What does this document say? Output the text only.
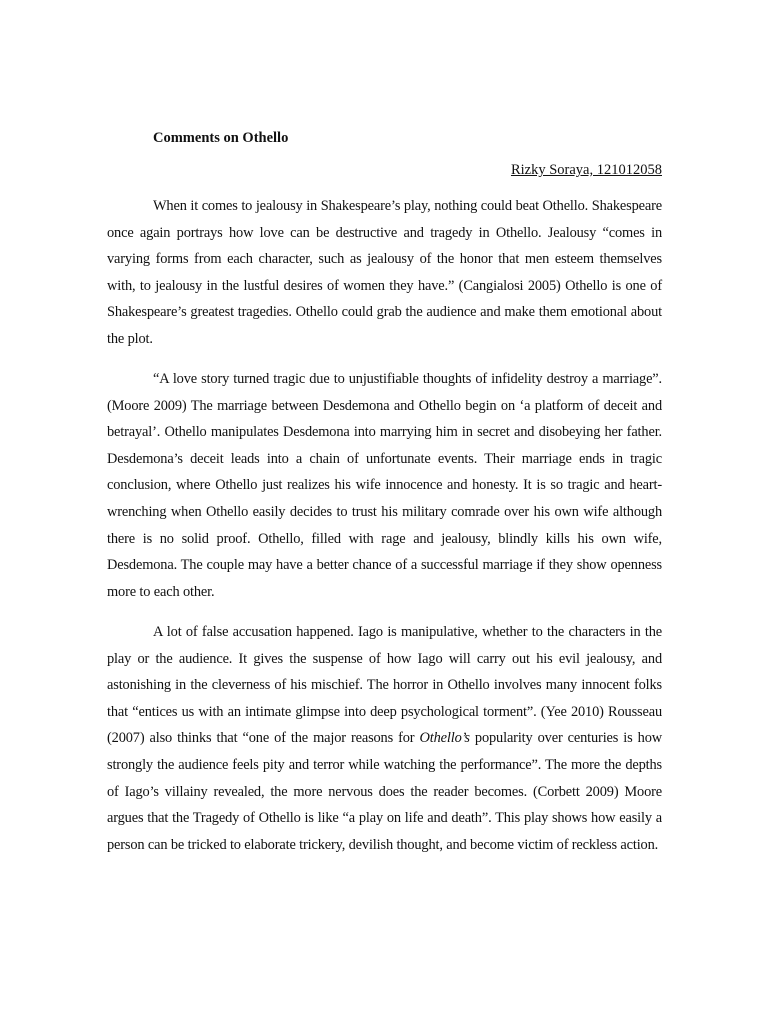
Comments on Othello
Rizky Soraya, 121012058

When it comes to jealousy in Shakespeare’s play, nothing could beat Othello. Shakespeare once again portrays how love can be destructive and tragedy in Othello. Jealousy “comes in varying forms from each character, such as jealousy of the honor that men esteem themselves with, to jealousy in the lustful desires of women they have.” (Cangialosi 2005) Othello is one of Shakespeare’s greatest tragedies. Othello could grab the audience and make them emotional about the plot.

“A love story turned tragic due to unjustifiable thoughts of infidelity destroy a marriage”. (Moore 2009) The marriage between Desdemona and Othello begin on ‘a platform of deceit and betrayal’. Othello manipulates Desdemona into marrying him in secret and disobeying her father. Desdemona’s deceit leads into a chain of unfortunate events. Their marriage ends in tragic conclusion, where Othello just realizes his wife innocence and honesty. It is so tragic and heart-wrenching when Othello easily decides to trust his military comrade over his own wife although there is no solid proof. Othello, filled with rage and jealousy, blindly kills his own wife, Desdemona. The couple may have a better chance of a successful marriage if they show openness more to each other.

A lot of false accusation happened. Iago is manipulative, whether to the characters in the play or the audience. It gives the suspense of how Iago will carry out his evil jealousy, and astonishing in the cleverness of his mischief. The horror in Othello involves many innocent folks that “entices us with an intimate glimpse into deep psychological torment”. (Yee 2010) Rousseau (2007) also thinks that “one of the major reasons for Othello’s popularity over centuries is how strongly the audience feels pity and terror while watching the performance”. The more the depths of Iago’s villainy revealed, the more nervous does the reader becomes. (Corbett 2009) Moore argues that the Tragedy of Othello is like “a play on life and death”. This play shows how easily a person can be tricked to elaborate trickery, devilish thought, and become victim of reckless action.
